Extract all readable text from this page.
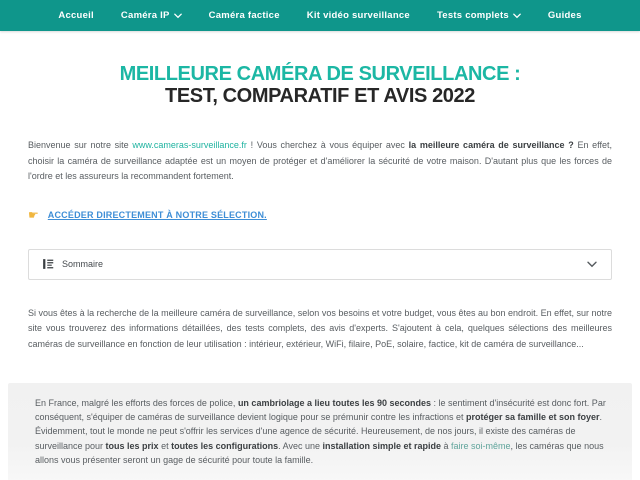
Accueil	Caméra IP	Caméra factice	Kit vidéo surveillance	Tests complets	Guides
MEILLEURE CAMÉRA DE SURVEILLANCE :
TEST, COMPARATIF ET AVIS 2022

Bienvenue sur notre site www.cameras-surveillance.fr ! Vous cherchez à vous équiper avec la meilleure caméra de surveillance ? En effet, choisir la caméra de surveillance adaptée est un moyen de protéger et d'améliorer la sécurité de votre maison. D'autant plus que les forces de l'ordre et les assureurs la recommandent fortement.

☛ ACCÉDER DIRECTEMENT À NOTRE SÉLECTION.
Sommaire

Si vous êtes à la recherche de la meilleure caméra de surveillance, selon vos besoins et votre budget, vous êtes au bon endroit. En effet, sur notre site vous trouverez des informations détaillées, des tests complets, des avis d'experts. S'ajoutent à cela, quelques sélections des meilleures caméras de surveillance en fonction de leur utilisation : intérieur, extérieur, WiFi, filaire, PoE, solaire, factice, kit de caméra de surveillance...

En France, malgré les efforts des forces de police, un cambriolage a lieu toutes les 90 secondes : le sentiment d'insécurité est donc fort. Par conséquent, s'équiper de caméras de surveillance devient logique pour se prémunir contre les infractions et protéger sa famille et son foyer. Évidemment, tout le monde ne peut s'offrir les services d'une agence de sécurité. Heureusement, de nos jours, il existe des caméras de surveillance pour tous les prix et toutes les configurations. Avec une installation simple et rapide à faire soi-même, les caméras que nous allons vous présenter seront un gage de sécurité pour toute la famille.
